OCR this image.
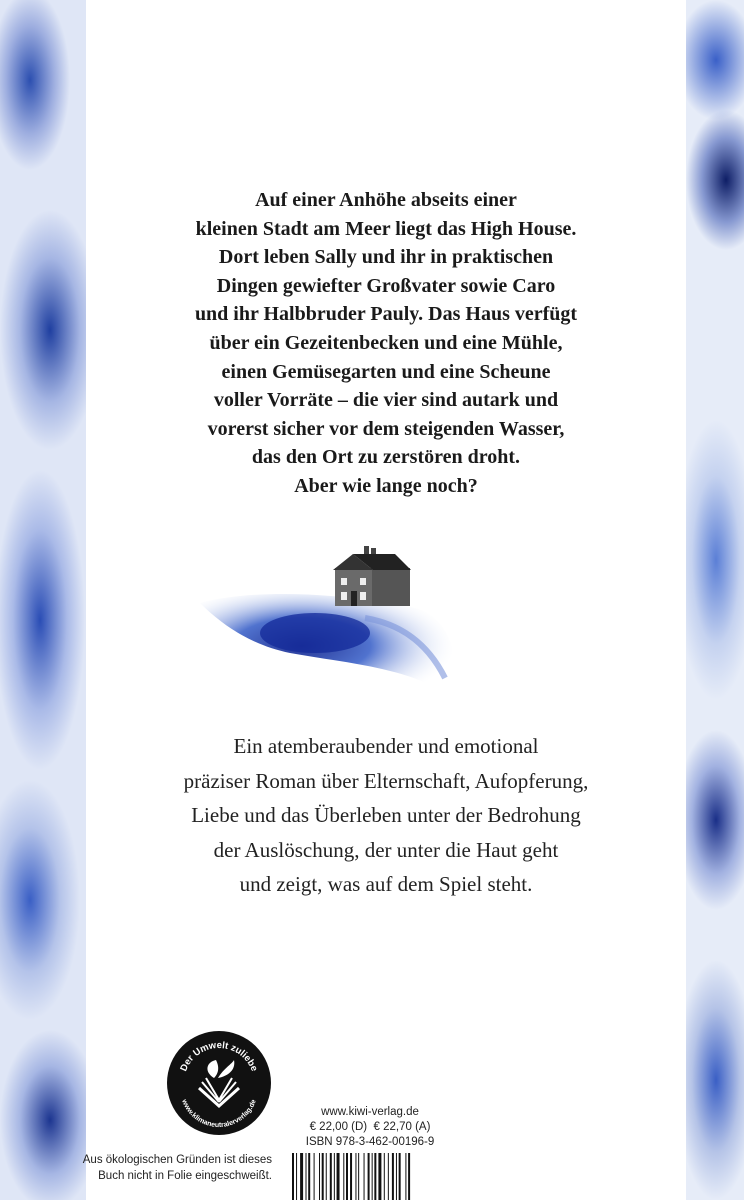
Auf einer Anhöhe abseits einer
kleinen Stadt am Meer liegt das High House.
Dort leben Sally und ihr in praktischen
Dingen gewiefter Großvater sowie Caro
und ihr Halbbruder Pauly. Das Haus verfügt
über ein Gezeitenbecken und eine Mühle,
einen Gemüsegarten und eine Scheune
voller Vorräte – die vier sind autark und
vorerst sicher vor dem steigenden Wasser,
das den Ort zu zerstören droht.
Aber wie lange noch?
Ein atemberaubender und emotional
präziser Roman über Elternschaft, Aufopferung,
Liebe und das Überleben unter der Bedrohung
der Auslöschung, der unter die Haut geht
und zeigt, was auf dem Spiel steht.
Der Umwelt zuliebe
www.klimaneutralerverlag.de
Aus ökologischen Gründen ist dieses
Buch nicht in Folie eingeschweißt.
www.kiwi-verlag.de
€ 22,00 (D)  € 22,70 (A)
ISBN 978-3-462-00196-9
